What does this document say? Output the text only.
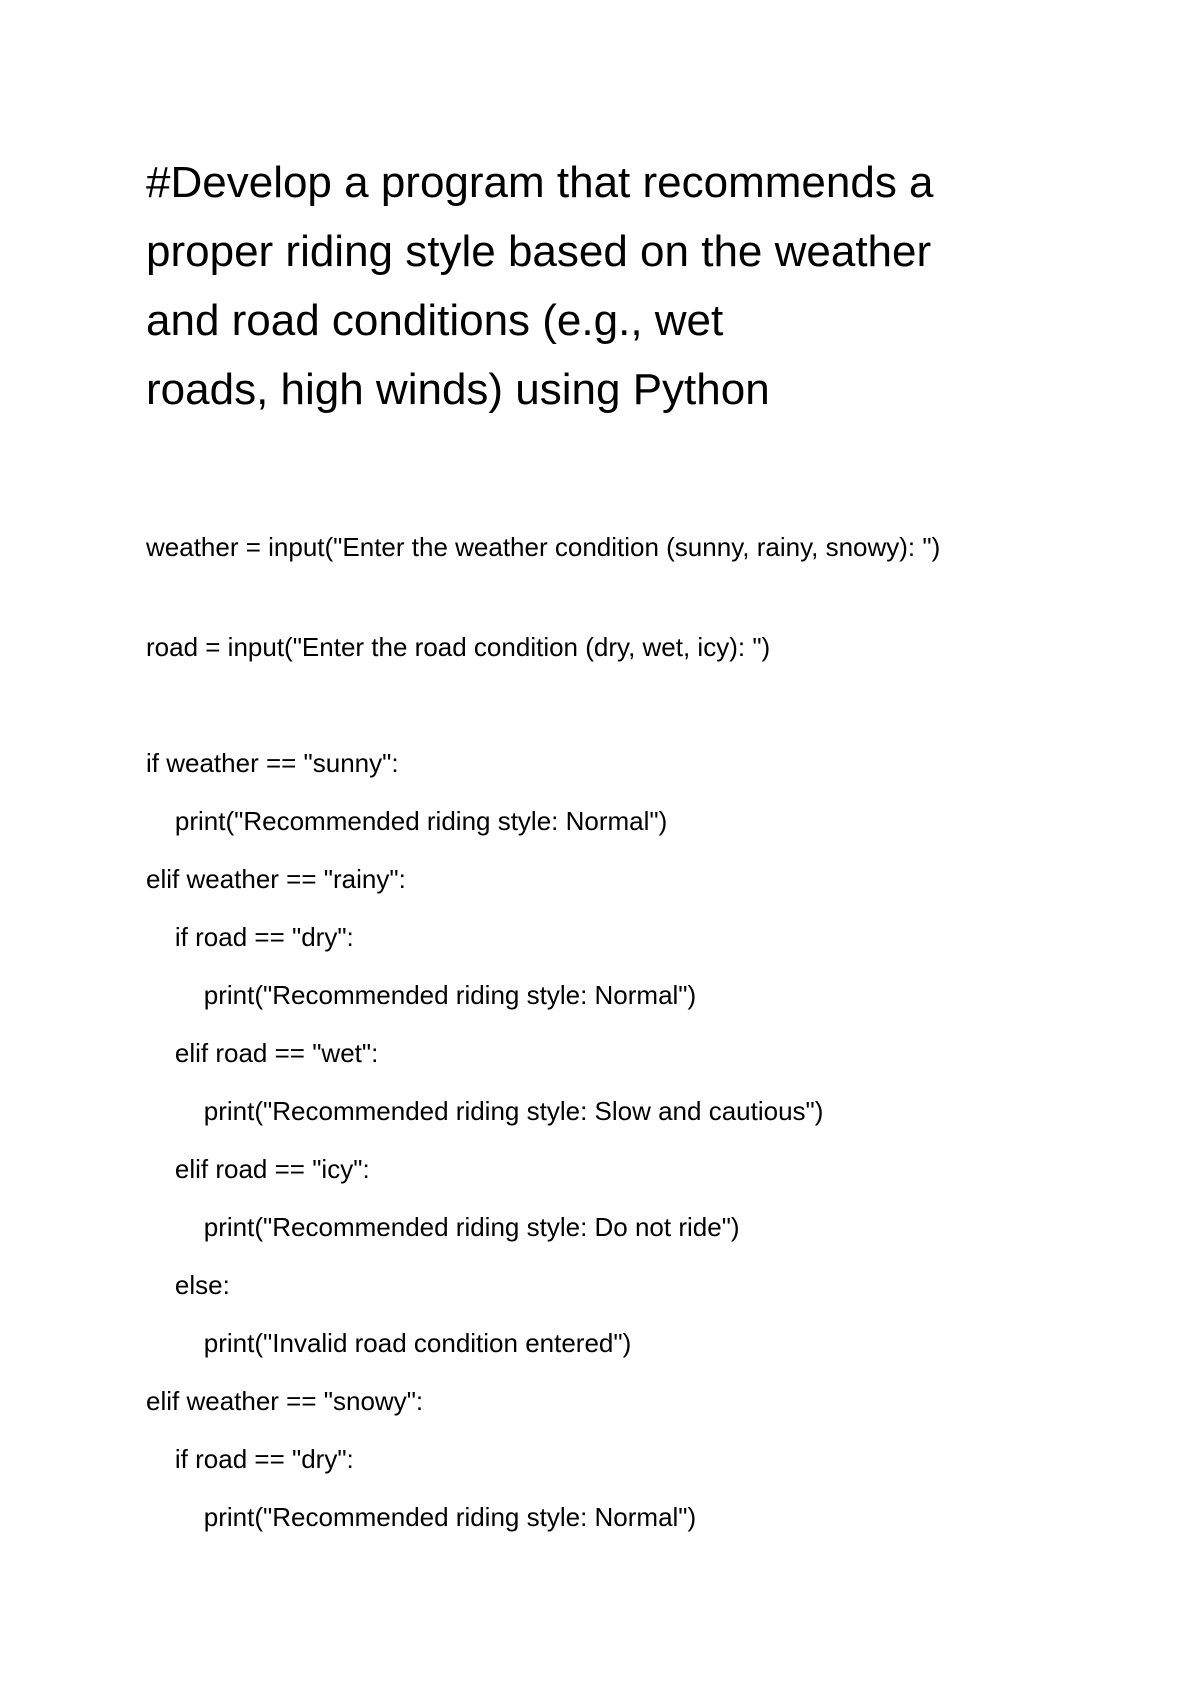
#Develop a program that recommends a
proper riding style based on the weather
and road conditions (e.g., wet
roads, high winds) using Python
weather = input("Enter the weather condition (sunny, rainy, snowy): ")
road = input("Enter the road condition (dry, wet, icy): ")
if weather == "sunny":
print("Recommended riding style: Normal")
elif weather == "rainy":
if road == "dry":
print("Recommended riding style: Normal")
elif road == "wet":
print("Recommended riding style: Slow and cautious")
elif road == "icy":
print("Recommended riding style: Do not ride")
else:
print("Invalid road condition entered")
elif weather == "snowy":
if road == "dry":
print("Recommended riding style: Normal")
